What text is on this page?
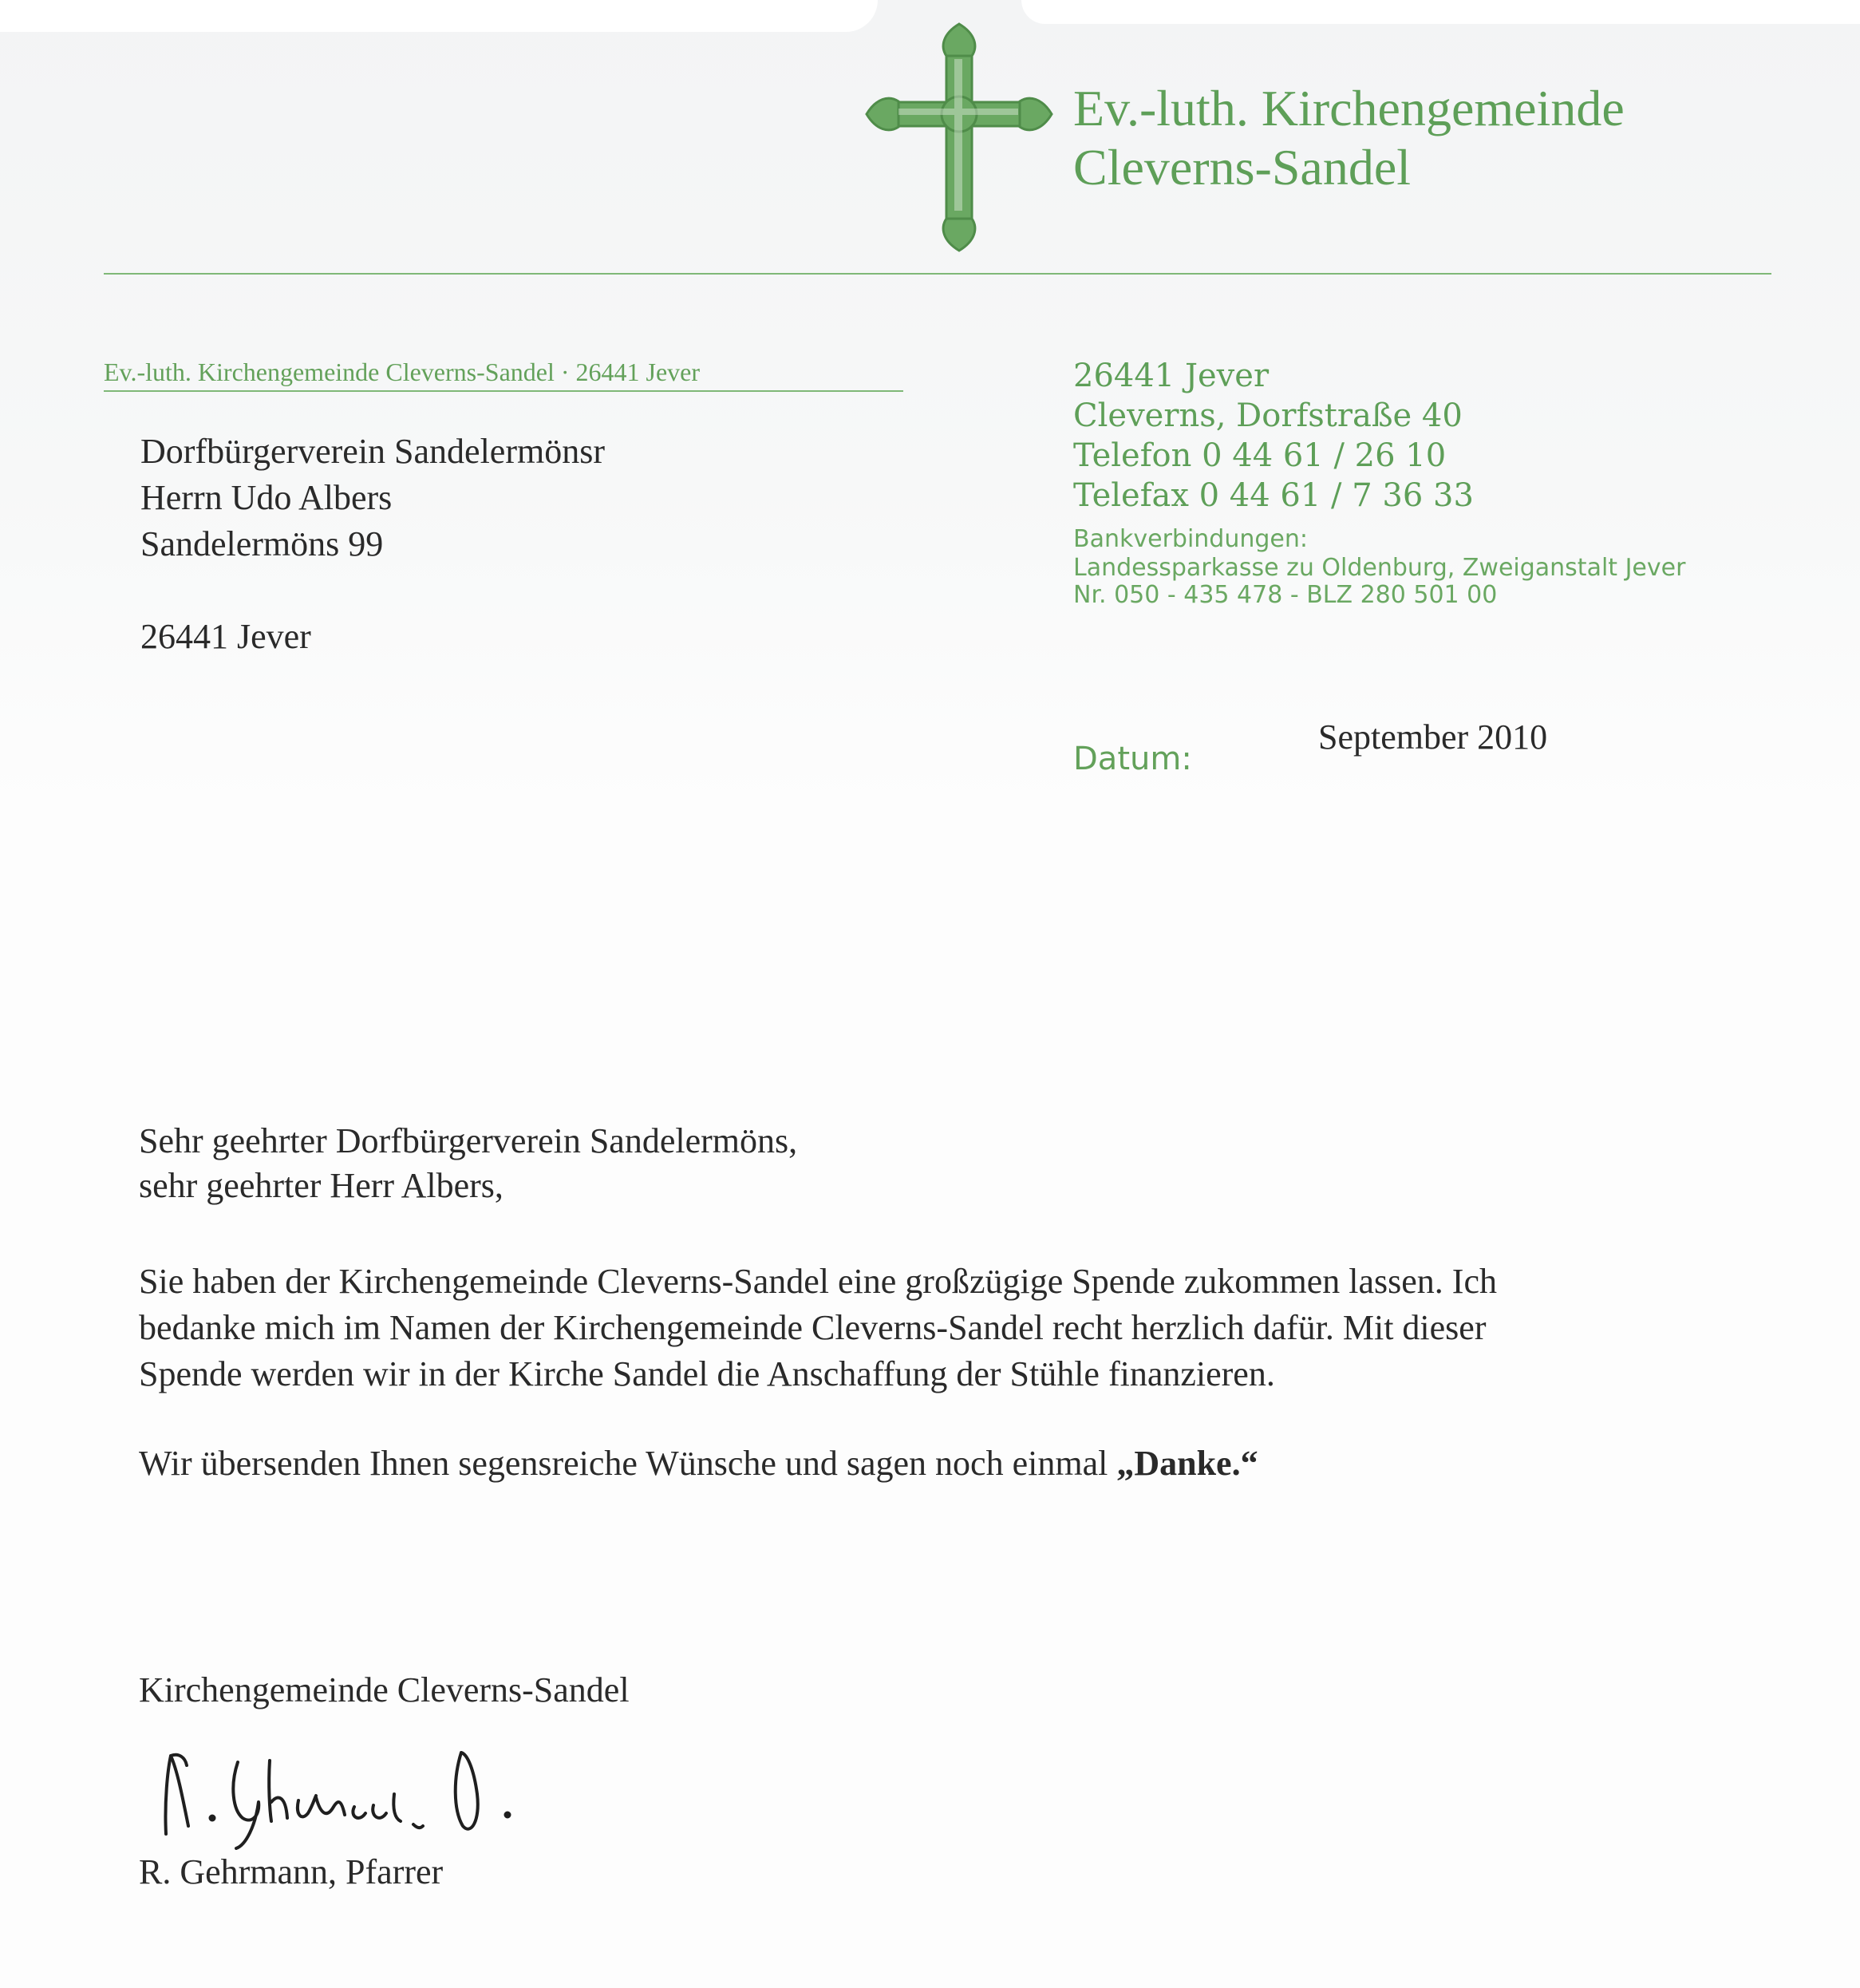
Ev.-luth. Kirchengemeinde
Cleverns-Sandel
Ev.-luth. Kirchengemeinde Cleverns-Sandel · 26441 Jever
Dorfbürgerverein Sandelermönsr
Herrn Udo Albers
Sandelermöns 99
26441 Jever
26441 Jever
Cleverns, Dorfstraße 40
Telefon 0 44 61 / 26 10
Telefax 0 44 61 / 7 36 33
Bankverbindungen:
Landessparkasse zu Oldenburg, Zweiganstalt Jever
Nr. 050 - 435 478 - BLZ 280 501 00
Datum:
September 2010
Sehr geehrter Dorfbürgerverein Sandelermöns,
sehr geehrter Herr Albers,
Sie haben der Kirchengemeinde Cleverns-Sandel eine großzügige Spende zukommen lassen. Ich
bedanke mich im Namen der Kirchengemeinde Cleverns-Sandel recht herzlich dafür. Mit dieser
Spende werden wir in der Kirche Sandel die Anschaffung der Stühle finanzieren.
Wir übersenden Ihnen segensreiche Wünsche und sagen noch einmal „Danke.“
Kirchengemeinde Cleverns-Sandel
R. Gehrmann, Pfarrer
